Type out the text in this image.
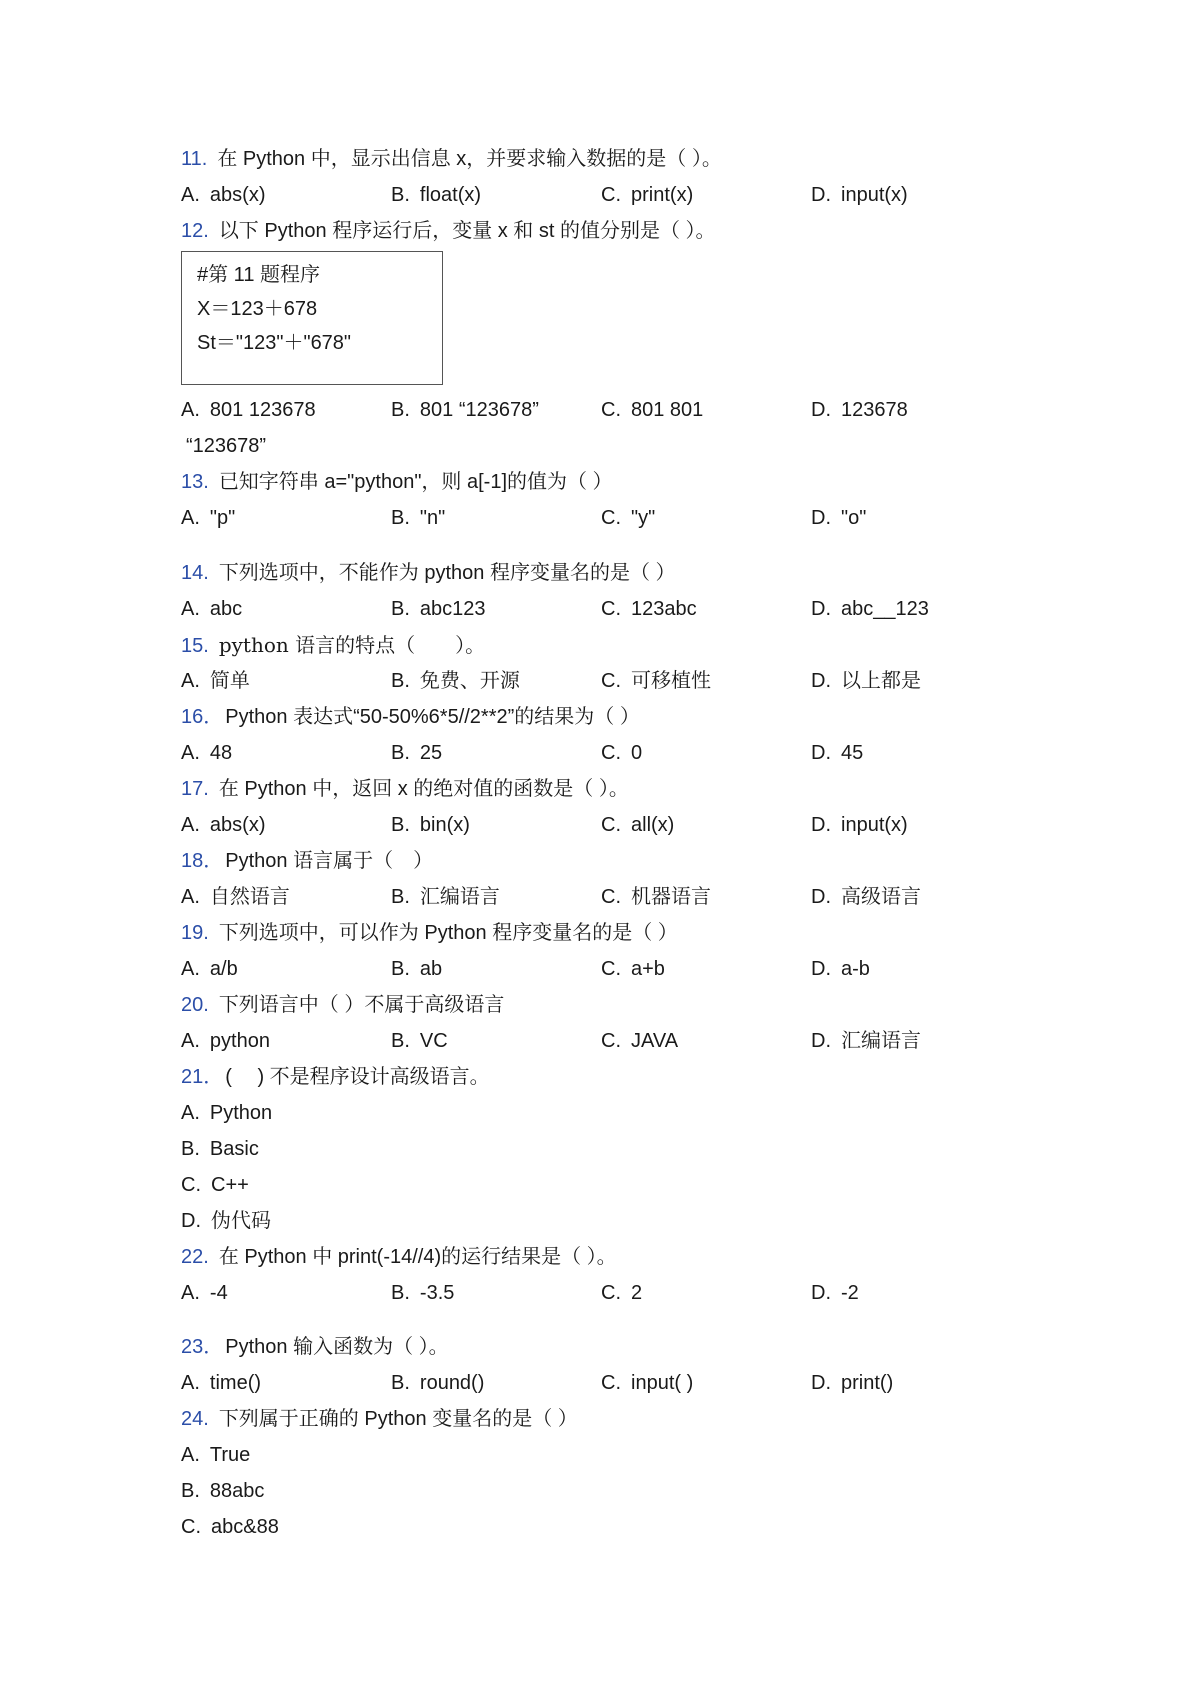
11. 在 Python 中，显示出信息 x，并要求输入数据的是（ ）。
A. abs(x)	B. float(x)	C. print(x)	D. input(x)
12. 以下 Python 程序运行后，变量 x 和 st 的值分别是（ ）。
#第 11 题程序
X＝123＋678
St＝"123"＋"678"
A. 801 123678	B. 801 “123678”	C. 801 801	D. 123678
“123678”
13. 已知字符串 a="python"，则 a[-1]的值为（ ）
A. "p"	B. "n"	C. "y"	D. "o"
14. 下列选项中，不能作为 python 程序变量名的是（ ）
A. abc	B. abc123	C. 123abc	D. abc__123
15. python 语言的特点（　　）。
A. 简单	B. 免费、开源	C. 可移植性	D. 以上都是
16． Python 表达式“50-50%6*5//2**2”的结果为（ ）
A. 48	B. 25	C. 0	D. 45
17. 在 Python 中，返回 x 的绝对值的函数是（ ）。
A. abs(x)	B. bin(x)	C. all(x)	D. input(x)
18． Python 语言属于（　）
A. 自然语言	B. 汇编语言	C. 机器语言	D. 高级语言
19. 下列选项中，可以作为 Python 程序变量名的是（ ）
A. a/b	B. ab	C. a+b	D. a-b
20. 下列语言中（ ）不属于高级语言
A. python	B. VC	C. JAVA	D. 汇编语言
21． (　 ) 不是程序设计高级语言。
A. Python
B. Basic
C. C++
D. 伪代码
22. 在 Python 中 print(-14//4)的运行结果是（ ）。
A. -4	B. -3.5	C. 2	D. -2
23． Python 输入函数为（ ）。
A. time()	B. round()	C. input( )	D. print()
24. 下列属于正确的 Python 变量名的是（ ）
A. True
B. 88abc
C. abc&88
